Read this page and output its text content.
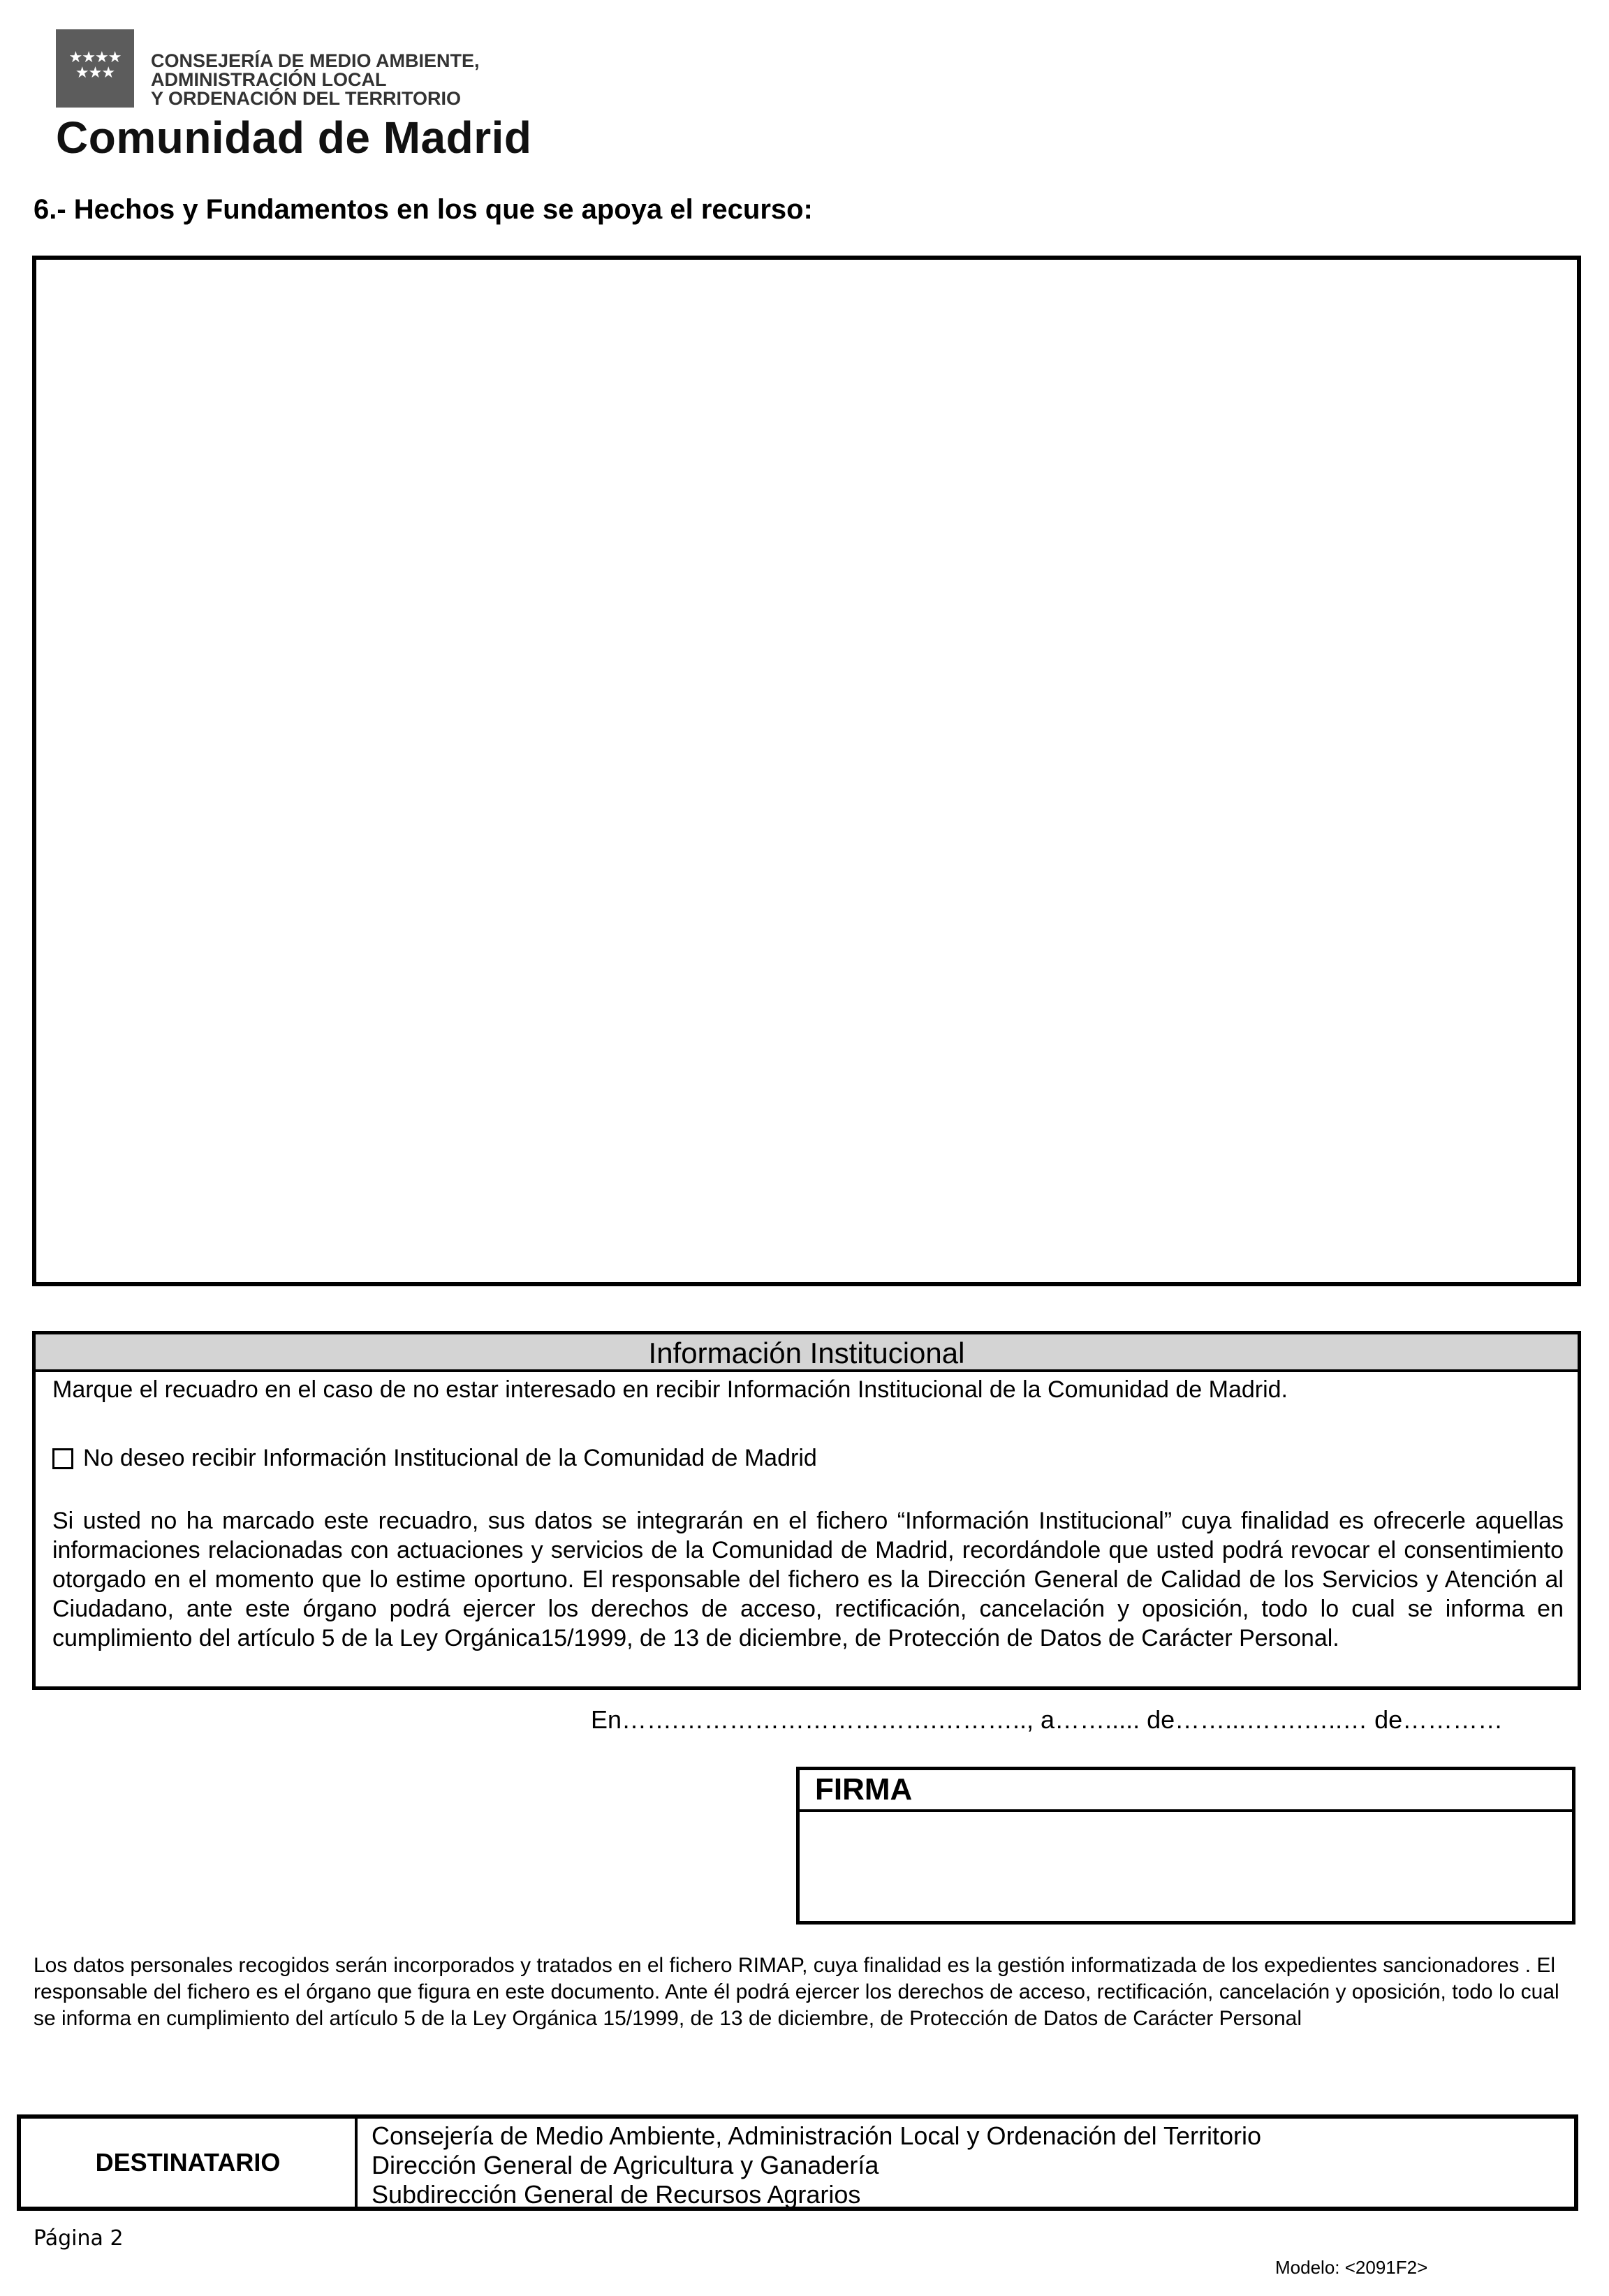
★★★★
★★★
CONSEJERÍA DE MEDIO AMBIENTE,
ADMINISTRACIÓN LOCAL
Y ORDENACIÓN DEL TERRITORIO
Comunidad de Madrid
6.- Hechos y Fundamentos en los que se apoya el recurso:
Información Institucional
Marque el recuadro en el caso de no estar interesado en recibir Información Institucional de la Comunidad de Madrid.
No deseo recibir Información Institucional de la Comunidad de Madrid
Si usted no ha marcado este recuadro, sus datos se integrarán en el fichero “Información Institucional” cuya finalidad es ofrecerle aquellas informaciones relacionadas con actuaciones y servicios de la Comunidad de Madrid, recordándole que usted podrá revocar el consentimiento otorgado en el momento que lo estime oportuno. El responsable del fichero es la Dirección General de Calidad de los Servicios y Atención al Ciudadano, ante este órgano podrá ejercer los derechos de acceso, rectificación, cancelación y oposición, todo lo cual se informa en cumplimiento del artículo 5 de la Ley Orgánica15/1999, de 13 de diciembre, de Protección de Datos de Carácter Personal.
En…….………………………….……….., a……..... de……...…….…..… de…………
FIRMA
Los datos personales recogidos serán incorporados y tratados en el fichero RIMAP, cuya finalidad es la gestión informatizada de los expedientes sancionadores . El responsable del fichero es el órgano que figura en este documento. Ante él podrá ejercer los derechos de acceso, rectificación, cancelación y oposición, todo lo cual se informa en cumplimiento del artículo 5 de la Ley Orgánica 15/1999, de 13 de diciembre, de Protección de Datos de Carácter Personal
DESTINATARIO
Consejería de Medio Ambiente, Administración Local y Ordenación del Territorio
Dirección General de Agricultura y Ganadería
Subdirección General de Recursos Agrarios
Página 2
Modelo: <2091F2>
